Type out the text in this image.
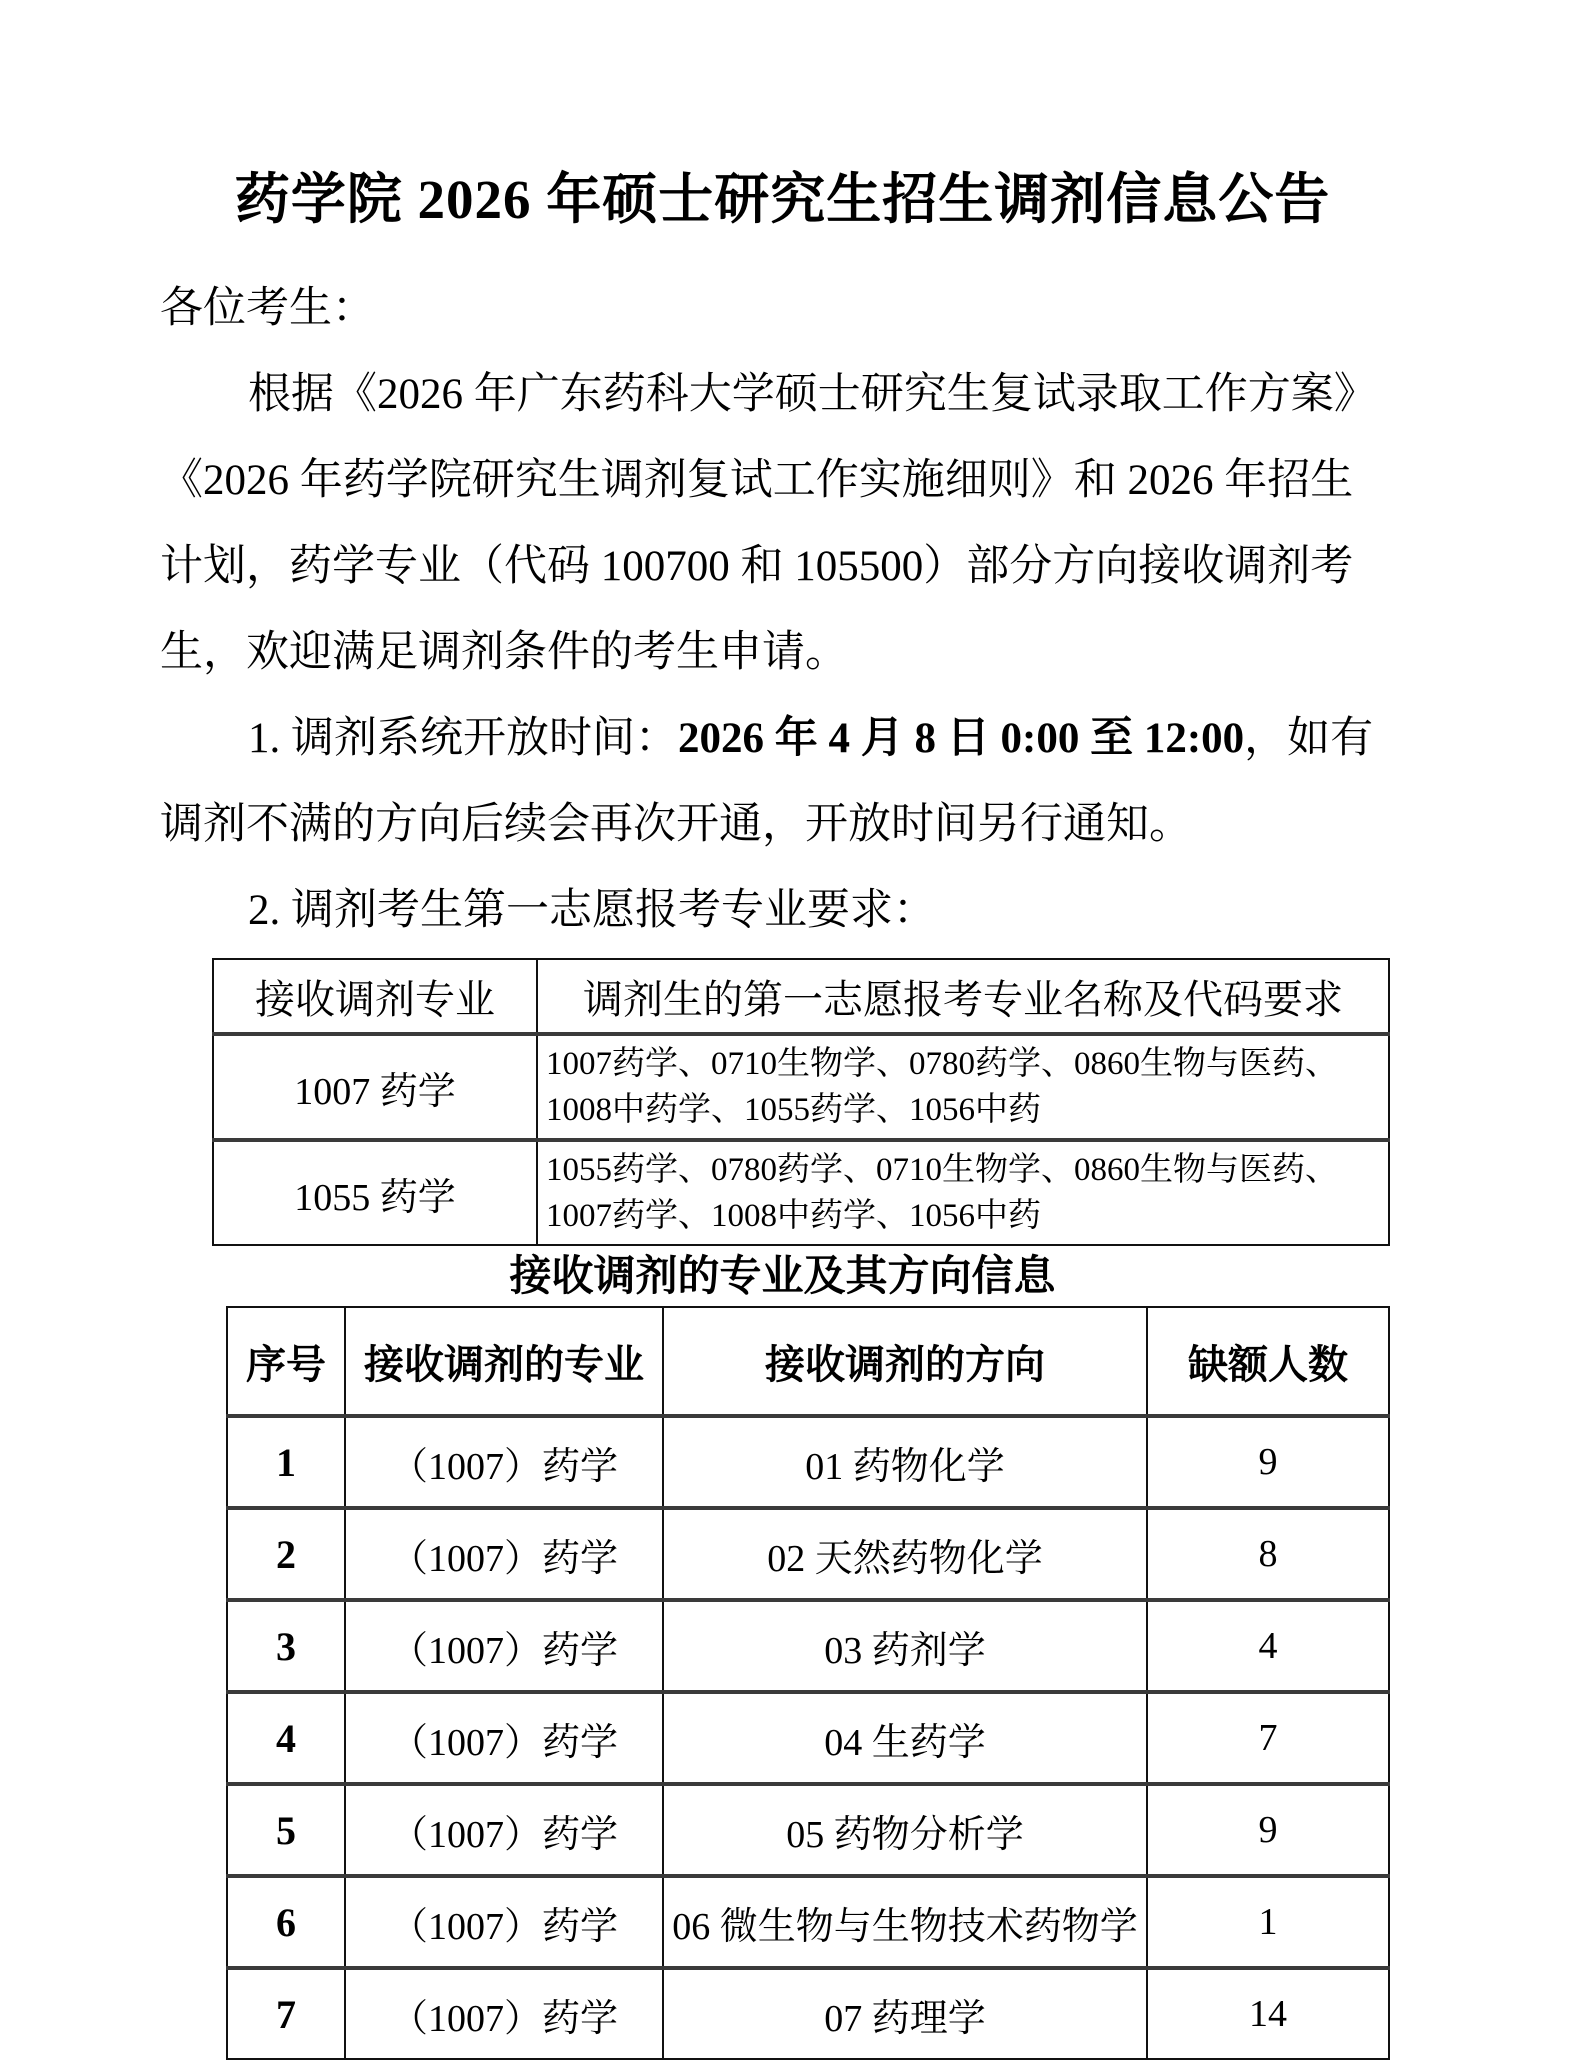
药学院 2026 年硕士研究生招生调剂信息公告
各位考生：
根据《2026 年广东药科大学硕士研究生复试录取工作方案》
《2026 年药学院研究生调剂复试工作实施细则》和 2026 年招生
计划，药学专业（代码 100700 和 105500）部分方向接收调剂考
生，欢迎满足调剂条件的考生申请。
1. 调剂系统开放时间：2026 年 4 月 8 日 0:00 至 12:00，如有
调剂不满的方向后续会再次开通，开放时间另行通知。
2. 调剂考生第一志愿报考专业要求：
接收调剂专业	调剂生的第一志愿报考专业名称及代码要求
1007 药学	1007药学、0710生物学、0780药学、0860生物与医药、1008中药学、1055药学、1056中药
1055 药学	1055药学、0780药学、0710生物学、0860生物与医药、1007药学、1008中药学、1056中药
接收调剂的专业及其方向信息
序号	接收调剂的专业	接收调剂的方向	缺额人数
1	（1007）药学	01 药物化学	9
2	（1007）药学	02 天然药物化学	8
3	（1007）药学	03 药剂学	4
4	（1007）药学	04 生药学	7
5	（1007）药学	05 药物分析学	9
6	（1007）药学	06 微生物与生物技术药物学	1
7	（1007）药学	07 药理学	14
